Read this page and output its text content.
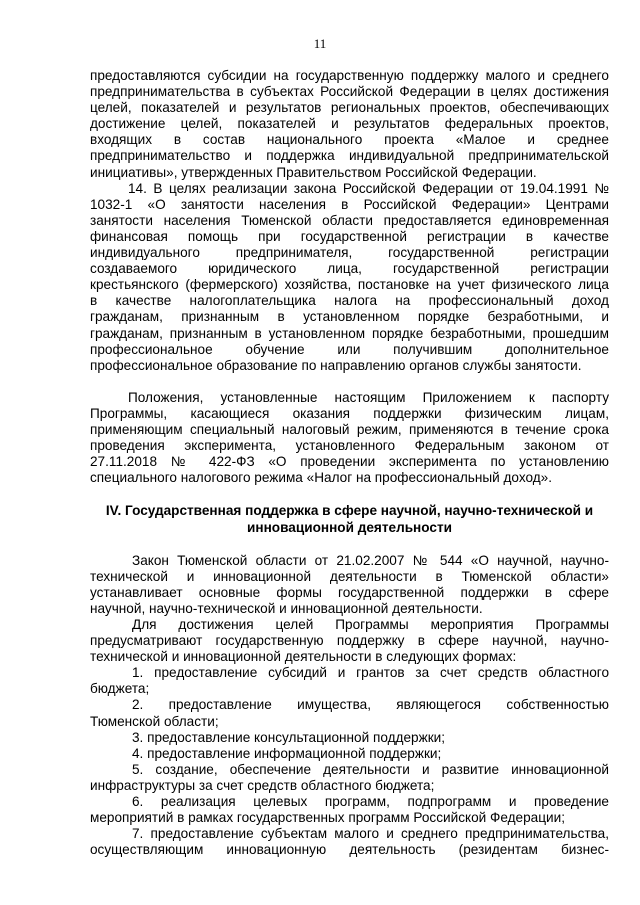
11
предоставляются субсидии на государственную поддержку малого и среднего
предпринимательства в субъектах Российской Федерации в целях достижения
целей, показателей и результатов региональных проектов, обеспечивающих
достижение целей, показателей и результатов федеральных проектов,
входящих в состав национального проекта «Малое и среднее
предпринимательство и поддержка индивидуальной предпринимательской
инициативы», утвержденных Правительством Российской Федерации.
14. В целях реализации закона Российской Федерации от 19.04.1991 №
1032-1 «О занятости населения в Российской Федерации» Центрами
занятости населения Тюменской области предоставляется единовременная
финансовая помощь при государственной регистрации в качестве
индивидуального предпринимателя, государственной регистрации
создаваемого юридического лица, государственной регистрации
крестьянского (фермерского) хозяйства, постановке на учет физического лица
в качестве налогоплательщика налога на профессиональный доход
гражданам, признанным в установленном порядке безработными, и
гражданам, признанным в установленном порядке безработными, прошедшим
профессиональное обучение или получившим дополнительное
профессиональное образование по направлению органов службы занятости.
Положения, установленные настоящим Приложением к паспорту
Программы, касающиеся оказания поддержки физическим лицам,
применяющим специальный налоговый режим, применяются в течение срока
проведения эксперимента, установленного Федеральным законом от
27.11.2018 № 422-ФЗ «О проведении эксперимента по установлению
специального налогового режима «Налог на профессиональный доход».
IV. Государственная поддержка в сфере научной, научно-технической и
инновационной деятельности
Закон Тюменской области от 21.02.2007 № 544 «О научной, научно-
технической и инновационной деятельности в Тюменской области»
устанавливает основные формы государственной поддержки в сфере
научной, научно-технической и инновационной деятельности.
Для достижения целей Программы мероприятия Программы
предусматривают государственную поддержку в сфере научной, научно-
технической и инновационной деятельности в следующих формах:
1. предоставление субсидий и грантов за счет средств областного
бюджета;
2. предоставление имущества, являющегося собственностью
Тюменской области;
3. предоставление консультационной поддержки;
4. предоставление информационной поддержки;
5. создание, обеспечение деятельности и развитие инновационной
инфраструктуры за счет средств областного бюджета;
6. реализация целевых программ, подпрограмм и проведение
мероприятий в рамках государственных программ Российской Федерации;
7. предоставление субъектам малого и среднего предпринимательства,
осуществляющим инновационную деятельность (резидентам бизнес-
